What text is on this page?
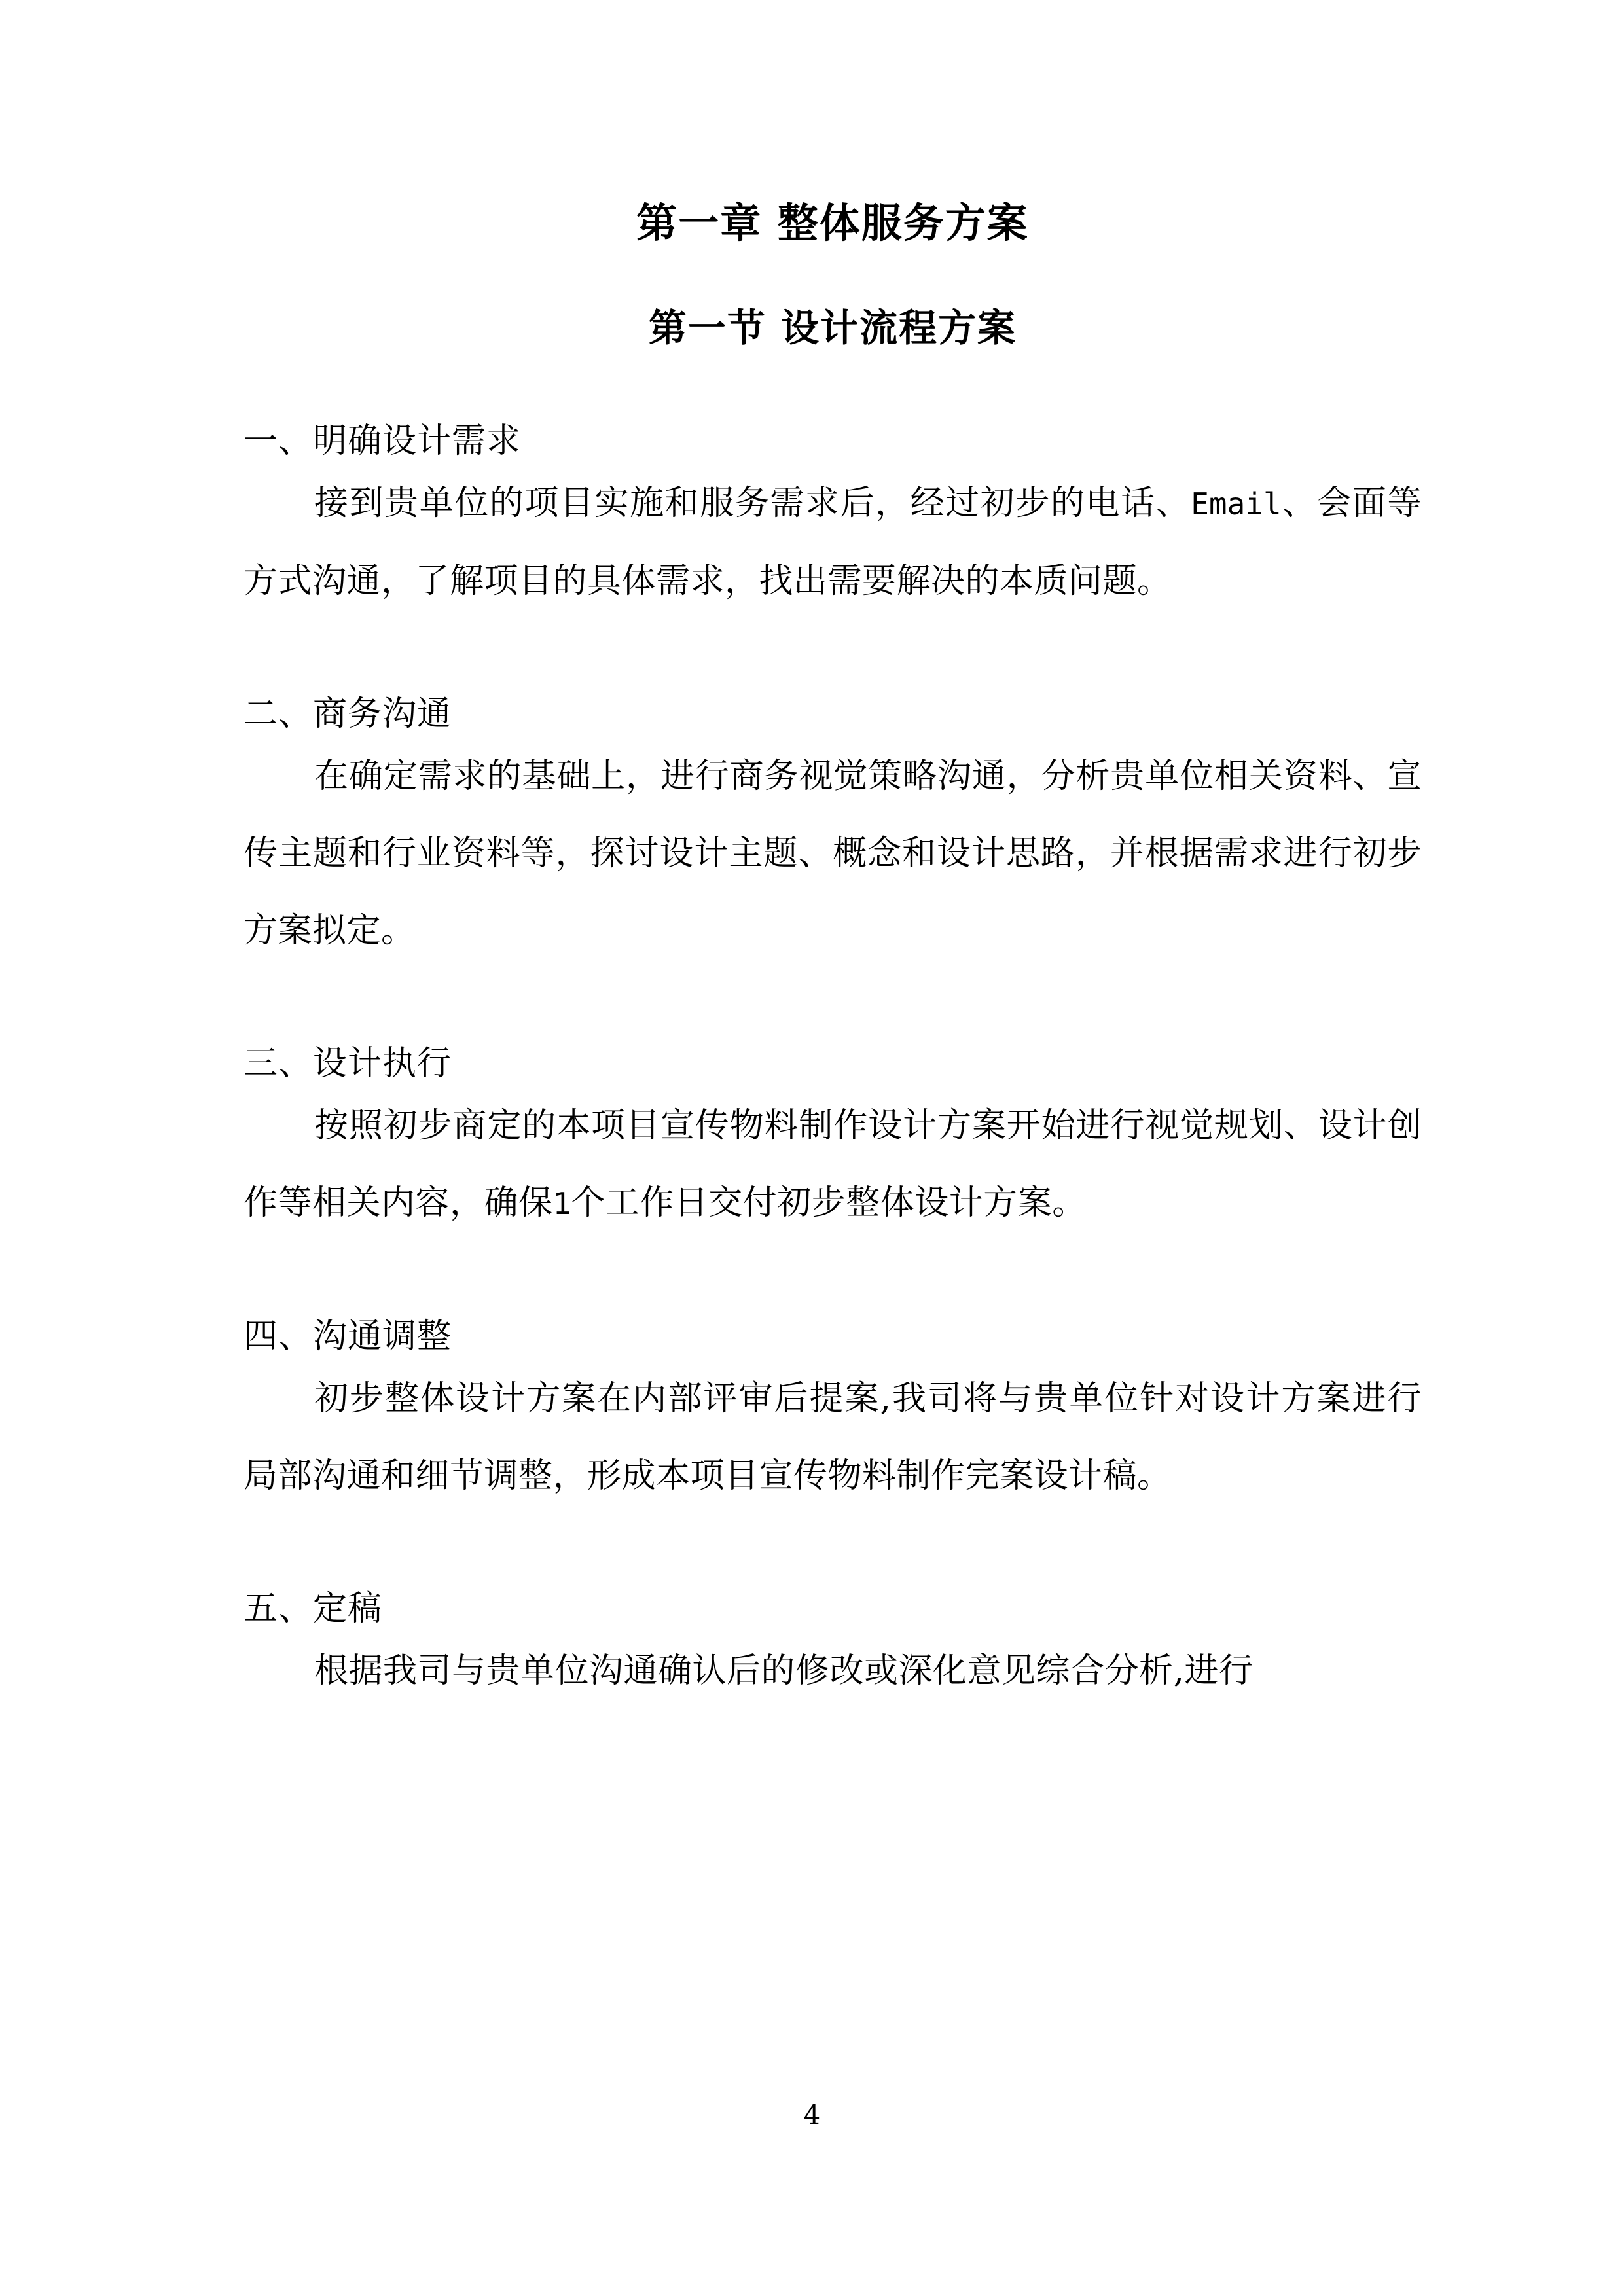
第一章 整体服务方案
第一节 设计流程方案

一、明确设计需求

接到贵单位的项目实施和服务需求后，经过初步的电话、Email、会面等方式沟通，了解项目的具体需求，找出需要解决的本质问题。

二、商务沟通

在确定需求的基础上，进行商务视觉策略沟通，分析贵单位相关资料、宣传主题和行业资料等，探讨设计主题、概念和设计思路，并根据需求进行初步方案拟定。

三、设计执行

按照初步商定的本项目宣传物料制作设计方案开始进行视觉规划、设计创作等相关内容，确保1个工作日交付初步整体设计方案。

四、沟通调整

初步整体设计方案在内部评审后提案,我司将与贵单位针对设计方案进行局部沟通和细节调整，形成本项目宣传物料制作完案设计稿。

五、定稿

根据我司与贵单位沟通确认后的修改或深化意见综合分析,进行

4
